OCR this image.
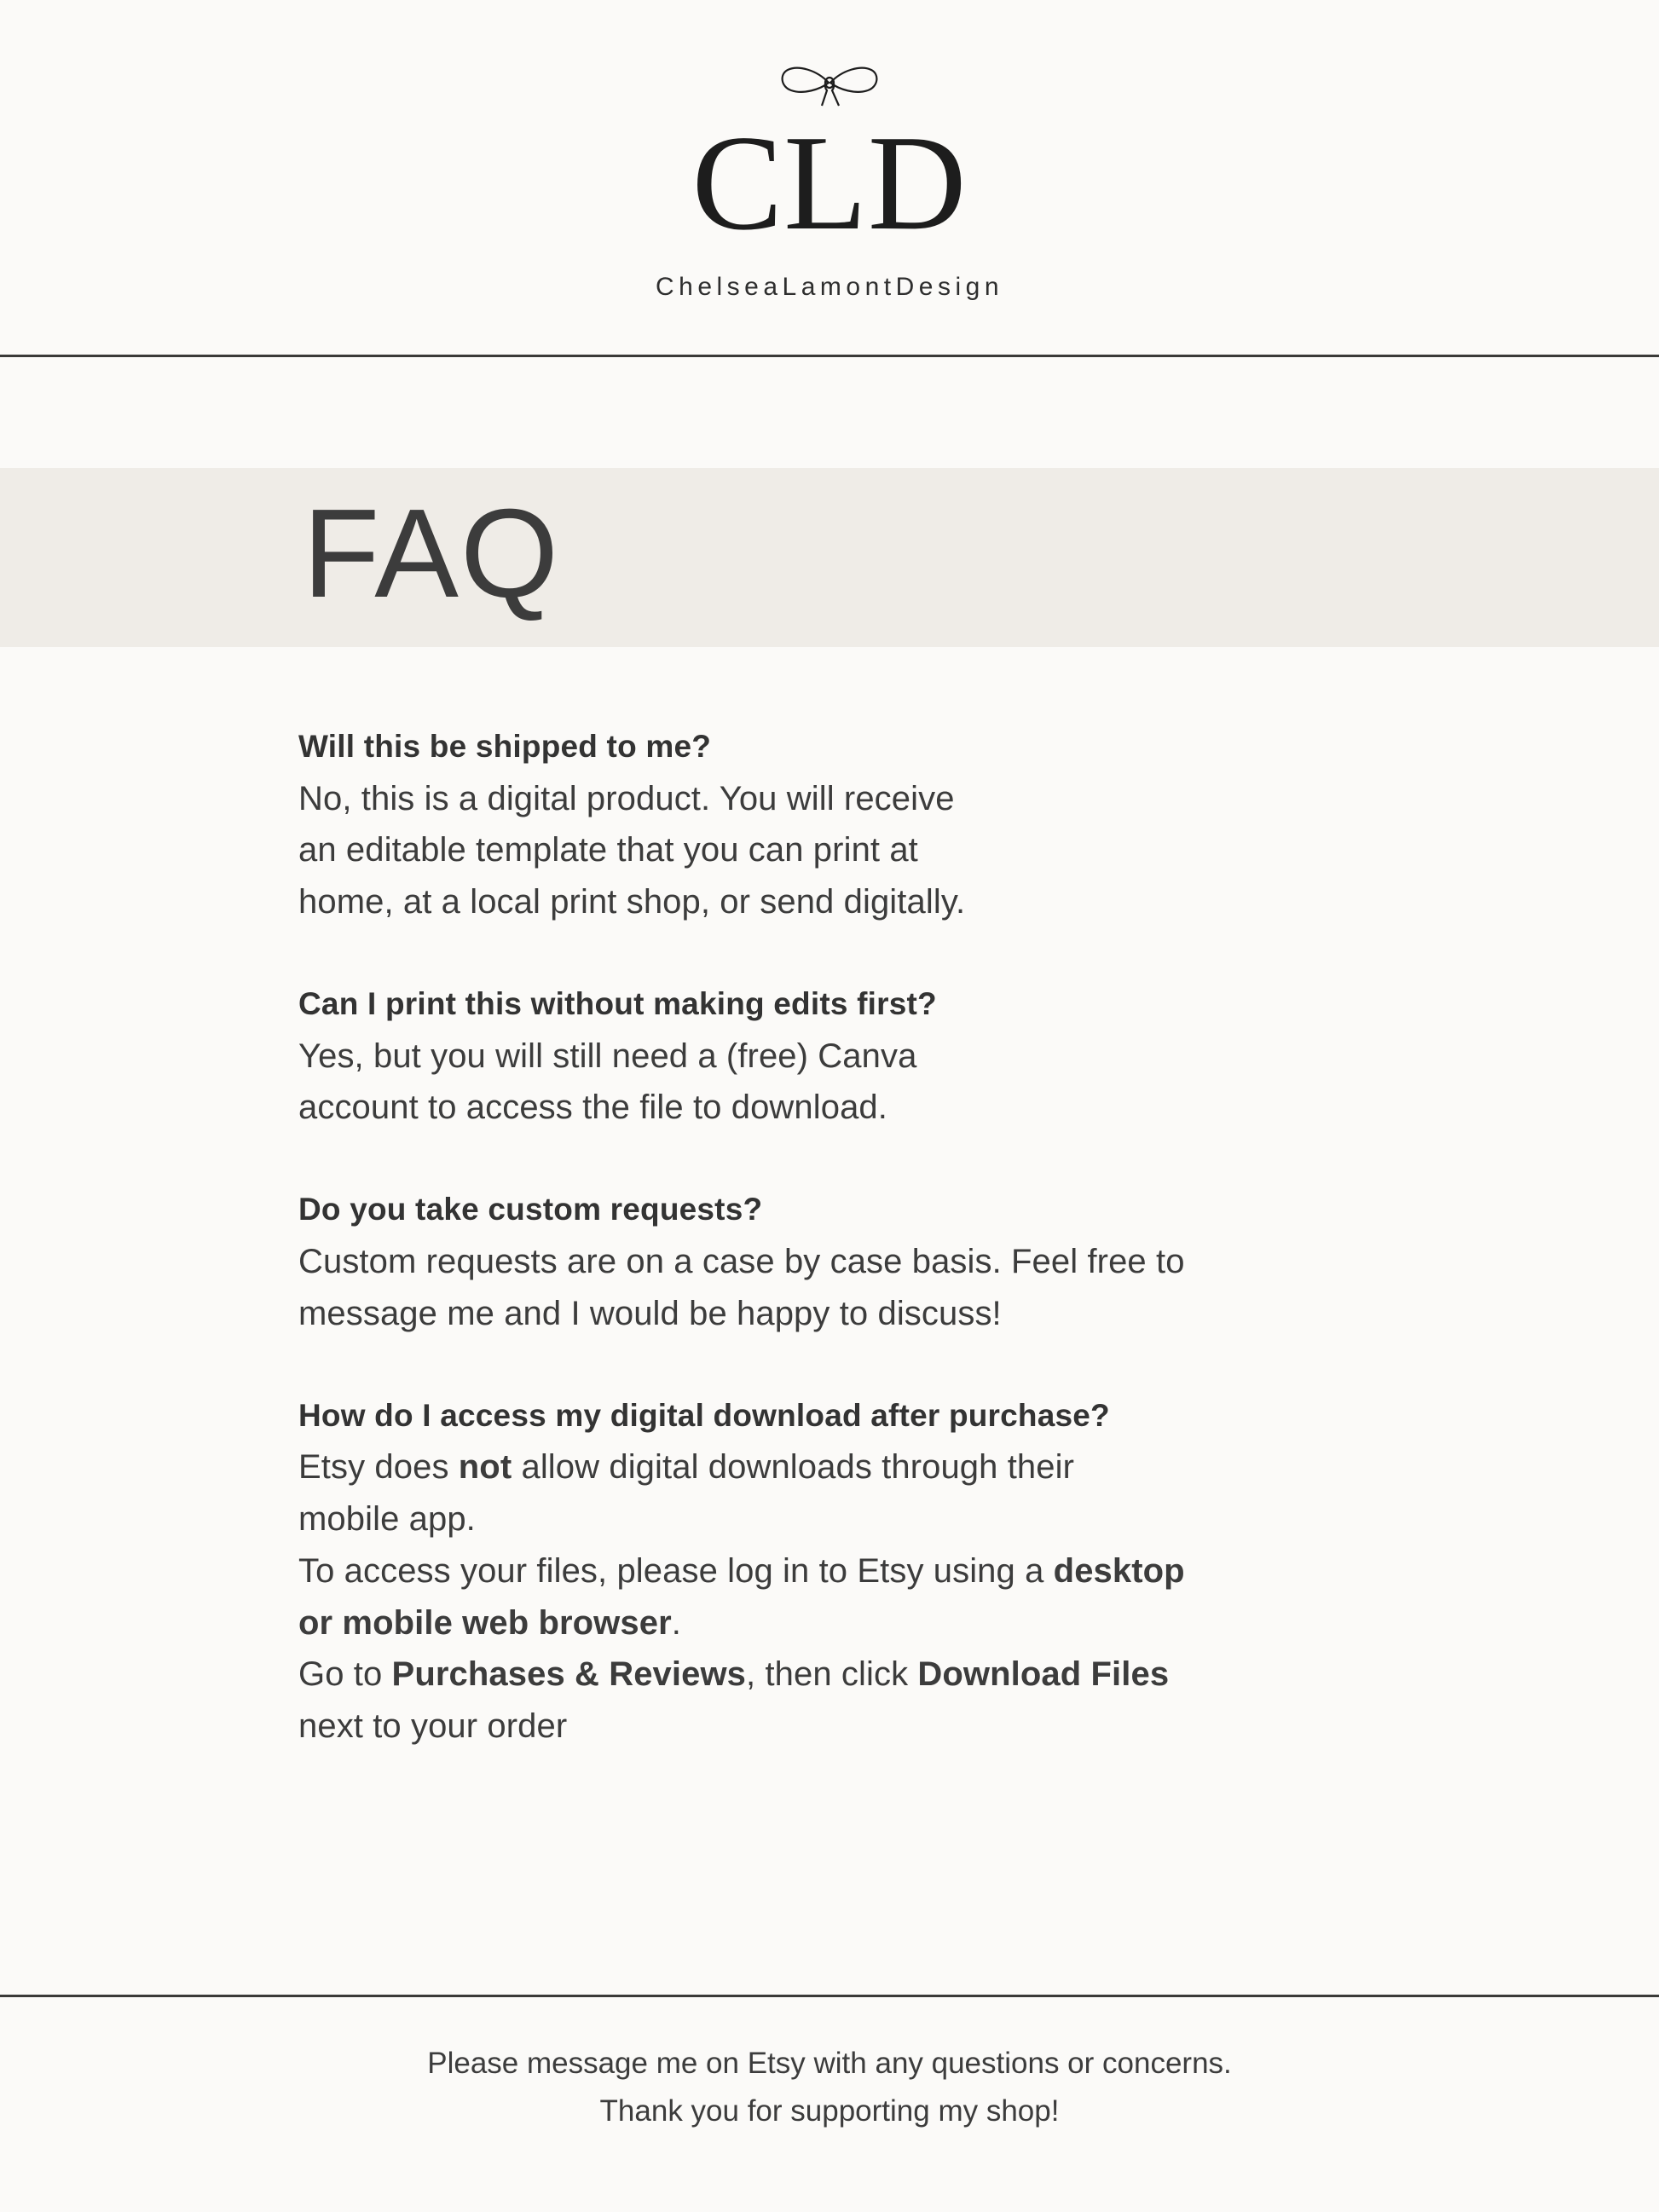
CLD
ChelseaLamontDesign
FAQ
Will this be shipped to me?
No, this is a digital product. You will receive
an editable template that you can print at
home, at a local print shop, or send digitally.
Can I print this without making edits first?
Yes, but you will still need a (free) Canva
account to access the file to download.
Do you take custom requests?
Custom requests are on a case by case basis. Feel free to
message me and I would be happy to discuss!
How do I access my digital download after purchase?
Etsy does not allow digital downloads through their
mobile app.
To access your files, please log in to Etsy using a desktop
or mobile web browser.
Go to Purchases & Reviews, then click Download Files
next to your order
Please message me on Etsy with any questions or concerns.
Thank you for supporting my shop!
